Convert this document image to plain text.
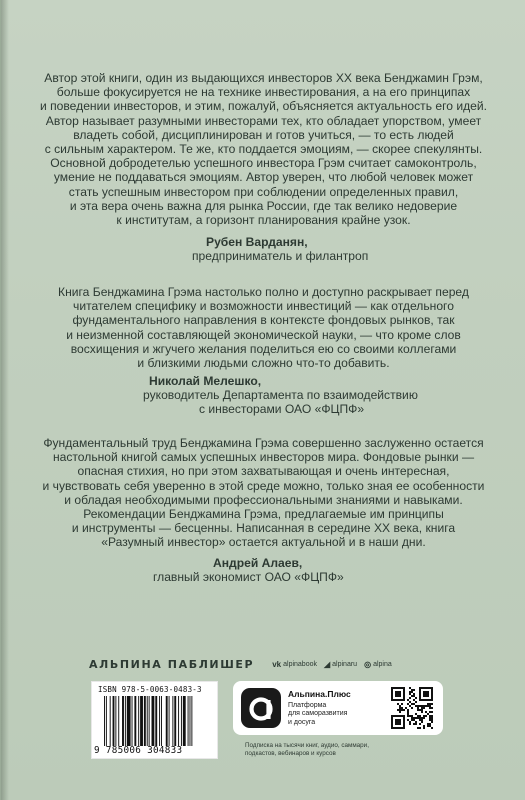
Автор этой книги, один из выдающихся инвесторов XX века Бенджамин Грэм,
больше фокусируется не на технике инвестирования, а на его принципах
и поведении инвесторов, и этим, пожалуй, объясняется актуальность его идей.
Автор называет разумными инвесторами тех, кто обладает упорством, умеет
владеть собой, дисциплинирован и готов учиться, — то есть людей
с сильным характером. Те же, кто поддается эмоциям, — скорее спекулянты.
Основной добродетелью успешного инвестора Грэм считает самоконтроль,
умение не поддаваться эмоциям. Автор уверен, что любой человек может
стать успешным инвестором при соблюдении определенных правил,
и эта вера очень важна для рынка России, где так велико недоверие
к институтам, а горизонт планирования крайне узок.
Рубен Варданян,
предприниматель и филантроп
Книга Бенджамина Грэма настолько полно и доступно раскрывает перед
читателем специфику и возможности инвестиций — как отдельного
фундаментального направления в контексте фондовых рынков, так
и неизменной составляющей экономической науки, — что кроме слов
восхищения и жгучего желания поделиться ею со своими коллегами
и близкими людьми сложно что-то добавить.
Николай Мелешко,
руководитель Департамента по взаимодействию
с инвесторами ОАО «ФЦПФ»
Фундаментальный труд Бенджамина Грэма совершенно заслуженно остается
настольной книгой самых успешных инвесторов мира. Фондовые рынки —
опасная стихия, но при этом захватывающая и очень интересная,
и чувствовать себя уверенно в этой среде можно, только зная ее особенности
и обладая необходимыми профессиональными знаниями и навыками.
Рекомендации Бенджамина Грэма, предлагаемые им принципы
и инструменты — бесценны. Написанная в середине XX века, книга
«Разумный инвестор» остается актуальной и в наши дни.
Андрей Алаев,
главный экономист ОАО «ФЦПФ»
АЛЬПИНА ПАБЛИШЕР vk alpinabook ◢ alpinaru ◎ alpina
ISBN 978-5-0063-0483-3
9 785006 304833
Альпина.Плюс
Платформа
для саморазвития
и досуга
Подписка на тысячи книг, аудио, саммари,
подкастов, вебинаров и курсов
